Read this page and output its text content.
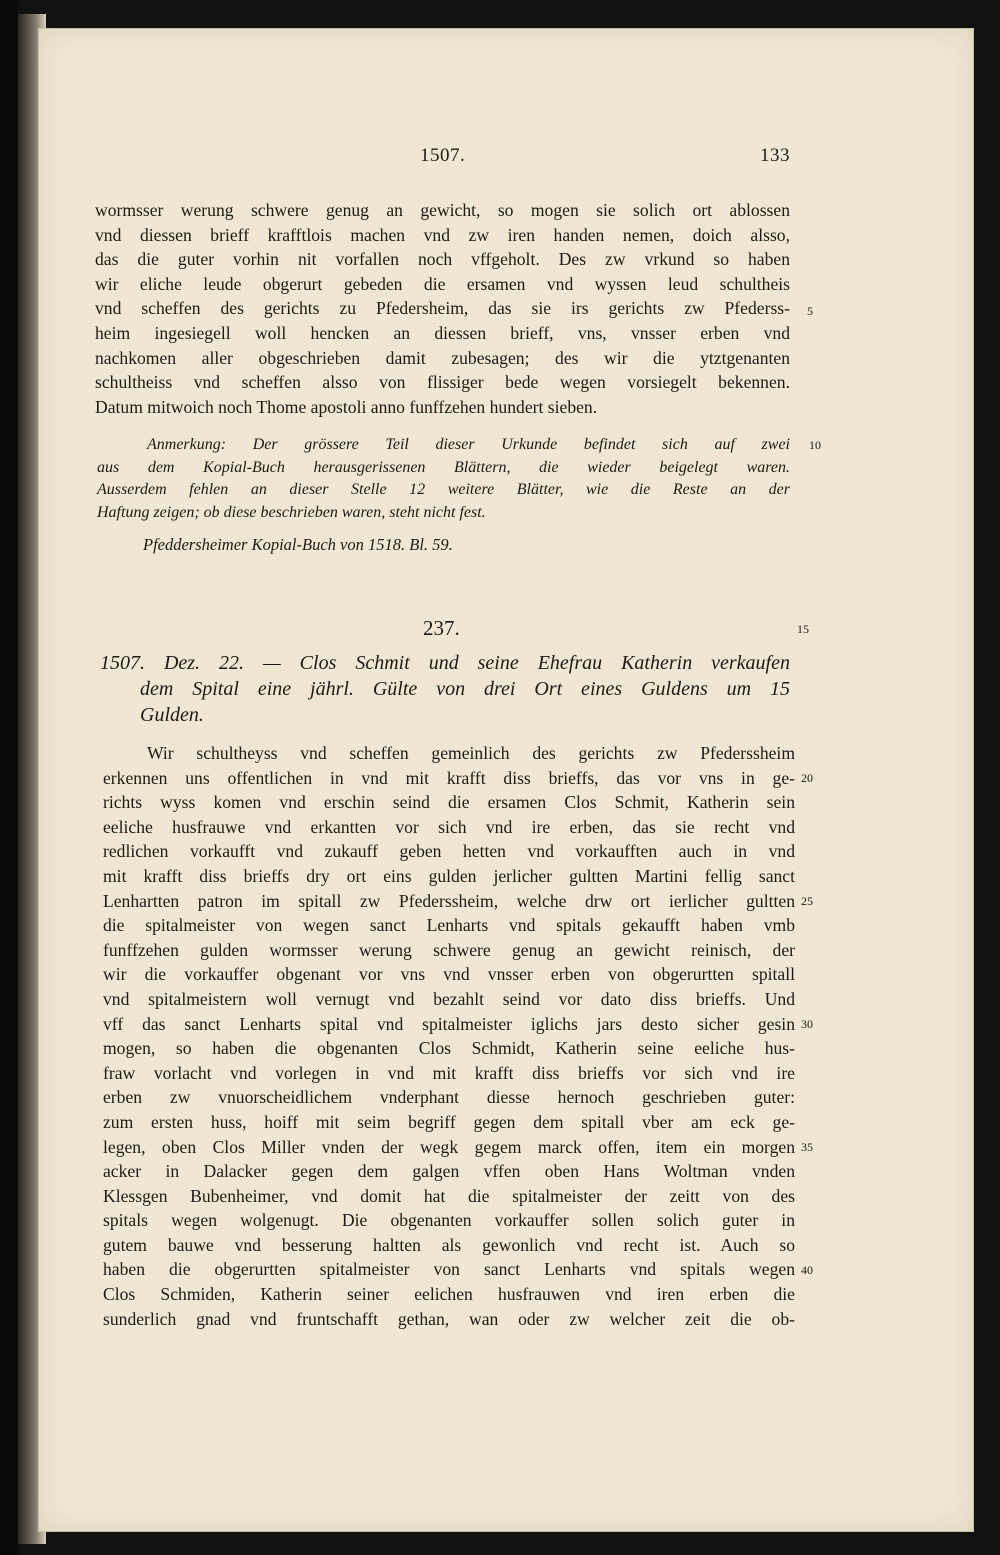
1507.	133
wormsser werung schwere genug an gewicht, so mogen sie solich ort ablossen
vnd diessen brieff krafftlois machen vnd zw iren handen nemen, doich alsso,
das die guter vorhin nit vorfallen noch vffgeholt. Des zw vrkund so haben
wir eliche leude obgerurt gebeden die ersamen vnd wyssen leud schultheis
vnd scheffen des gerichts zu Pfedersheim, das sie irs gerichts zw Pfederss-
heim ingesiegell woll hencken an diessen brieff, vns, vnsser erben vnd
nachkomen aller obgeschrieben damit zubesagen; des wir die ytztgenanten
schultheiss vnd scheffen alsso von flissiger bede wegen vorsiegelt bekennen.
Datum mitwoich noch Thome apostoli anno funffzehen hundert sieben.
5
Anmerkung: Der grössere Teil dieser Urkunde befindet sich auf zwei
aus dem Kopial-Buch herausgerissenen Blättern, die wieder beigelegt waren.
Ausserdem fehlen an dieser Stelle 12 weitere Blätter, wie die Reste an der
Haftung zeigen; ob diese beschrieben waren, steht nicht fest.
10
Pfeddersheimer Kopial-Buch von 1518. Bl. 59.
237.	15
1507. Dez. 22. — Clos Schmit und seine Ehefrau Katherin verkaufen
dem Spital eine jährl. Gülte von drei Ort eines Guldens um 15
Gulden.
Wir schultheyss vnd scheffen gemeinlich des gerichts zw Pfederssheim
erkennen uns offentlichen in vnd mit krafft diss brieffs, das vor vns in ge-
richts wyss komen vnd erschin seind die ersamen Clos Schmit, Katherin sein
eeliche husfrauwe vnd erkantten vor sich vnd ire erben, das sie recht vnd
redlichen vorkaufft vnd zukauff geben hetten vnd vorkaufften auch in vnd
mit krafft diss brieffs dry ort eins gulden jerlicher gultten Martini fellig sanct
Lenhartten patron im spitall zw Pfederssheim, welche drw ort ierlicher gultten
die spitalmeister von wegen sanct Lenharts vnd spitals gekaufft haben vmb
funffzehen gulden wormsser werung schwere genug an gewicht reinisch, der
wir die vorkauffer obgenant vor vns vnd vnsser erben von obgerurtten spitall
vnd spitalmeistern woll vernugt vnd bezahlt seind vor dato diss brieffs. Und
vff das sanct Lenharts spital vnd spitalmeister iglichs jars desto sicher gesin
mogen, so haben die obgenanten Clos Schmidt, Katherin seine eeliche hus-
fraw vorlacht vnd vorlegen in vnd mit krafft diss brieffs vor sich vnd ire
erben zw vnuorscheidlichem vnderphant diesse hernoch geschrieben guter:
zum ersten huss, hoiff mit seim begriff gegen dem spitall vber am eck ge-
legen, oben Clos Miller vnden der wegk gegem marck offen, item ein morgen
acker in Dalacker gegen dem galgen vffen oben Hans Woltman vnden
Klessgen Bubenheimer, vnd domit hat die spitalmeister der zeitt von des
spitals wegen wolgenugt. Die obgenanten vorkauffer sollen solich guter in
gutem bauwe vnd besserung haltten als gewonlich vnd recht ist. Auch so
haben die obgerurtten spitalmeister von sanct Lenharts vnd spitals wegen
Clos Schmiden, Katherin seiner eelichen husfrauwen vnd iren erben die
sunderlich gnad vnd fruntschafft gethan, wan oder zw welcher zeit die ob-
20
25
30
35
40
